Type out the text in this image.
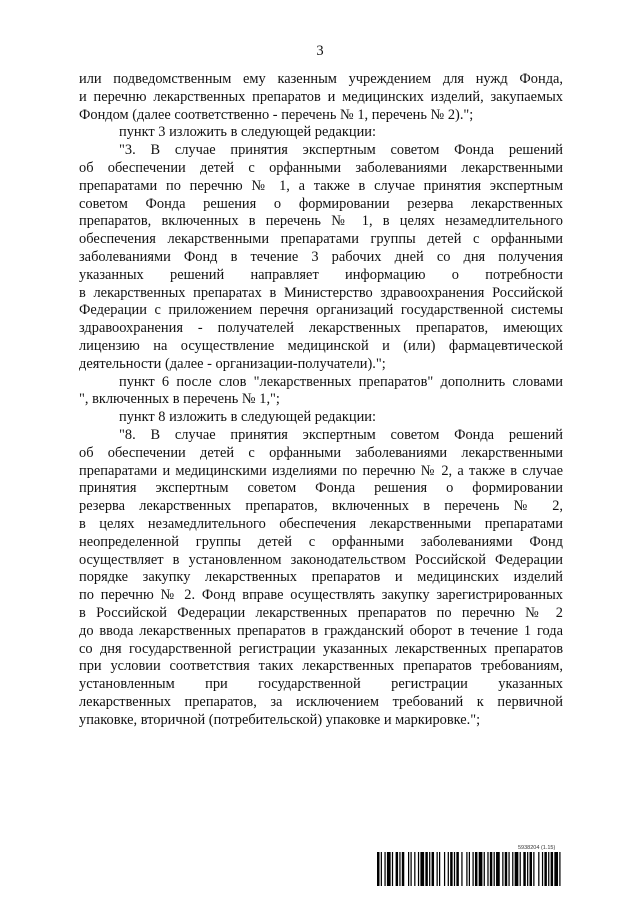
3
или подведомственным ему казенным учреждением для нужд Фонда,
и перечню лекарственных препаратов и медицинских изделий, закупаемых
Фондом (далее соответственно - перечень № 1, перечень № 2).";
пункт 3 изложить в следующей редакции:
"3. В случае принятия экспертным советом Фонда решений
об обеспечении детей с орфанными заболеваниями лекарственными
препаратами по перечню № 1, а также в случае принятия экспертным
советом Фонда решения о формировании резерва лекарственных
препаратов, включенных в перечень № 1, в целях незамедлительного
обеспечения лекарственными препаратами группы детей с орфанными
заболеваниями Фонд в течение 3 рабочих дней со дня получения
указанных решений направляет информацию о потребности
в лекарственных препаратах в Министерство здравоохранения Российской
Федерации с приложением перечня организаций государственной системы
здравоохранения - получателей лекарственных препаратов, имеющих
лицензию на осуществление медицинской и (или) фармацевтической
деятельности (далее - организации-получатели).";
пункт 6 после слов "лекарственных препаратов" дополнить словами
", включенных в перечень № 1,";
пункт 8 изложить в следующей редакции:
"8. В случае принятия экспертным советом Фонда решений
об обеспечении детей с орфанными заболеваниями лекарственными
препаратами и медицинскими изделиями по перечню № 2, а также в случае
принятия экспертным советом Фонда решения о формировании
резерва лекарственных препаратов, включенных в перечень № 2,
в целях незамедлительного обеспечения лекарственными препаратами
неопределенной группы детей с орфанными заболеваниями Фонд
осуществляет в установленном законодательством Российской Федерации
порядке закупку лекарственных препаратов и медицинских изделий
по перечню № 2. Фонд вправе осуществлять закупку зарегистрированных
в Российской Федерации лекарственных препаратов по перечню № 2
до ввода лекарственных препаратов в гражданский оборот в течение 1 года
со дня государственной регистрации указанных лекарственных препаратов
при условии соответствия таких лекарственных препаратов требованиям,
установленным при государственной регистрации указанных
лекарственных препаратов, за исключением требований к первичной
упаковке, вторичной (потребительской) упаковке и маркировке.";
5938204 (1.15)
